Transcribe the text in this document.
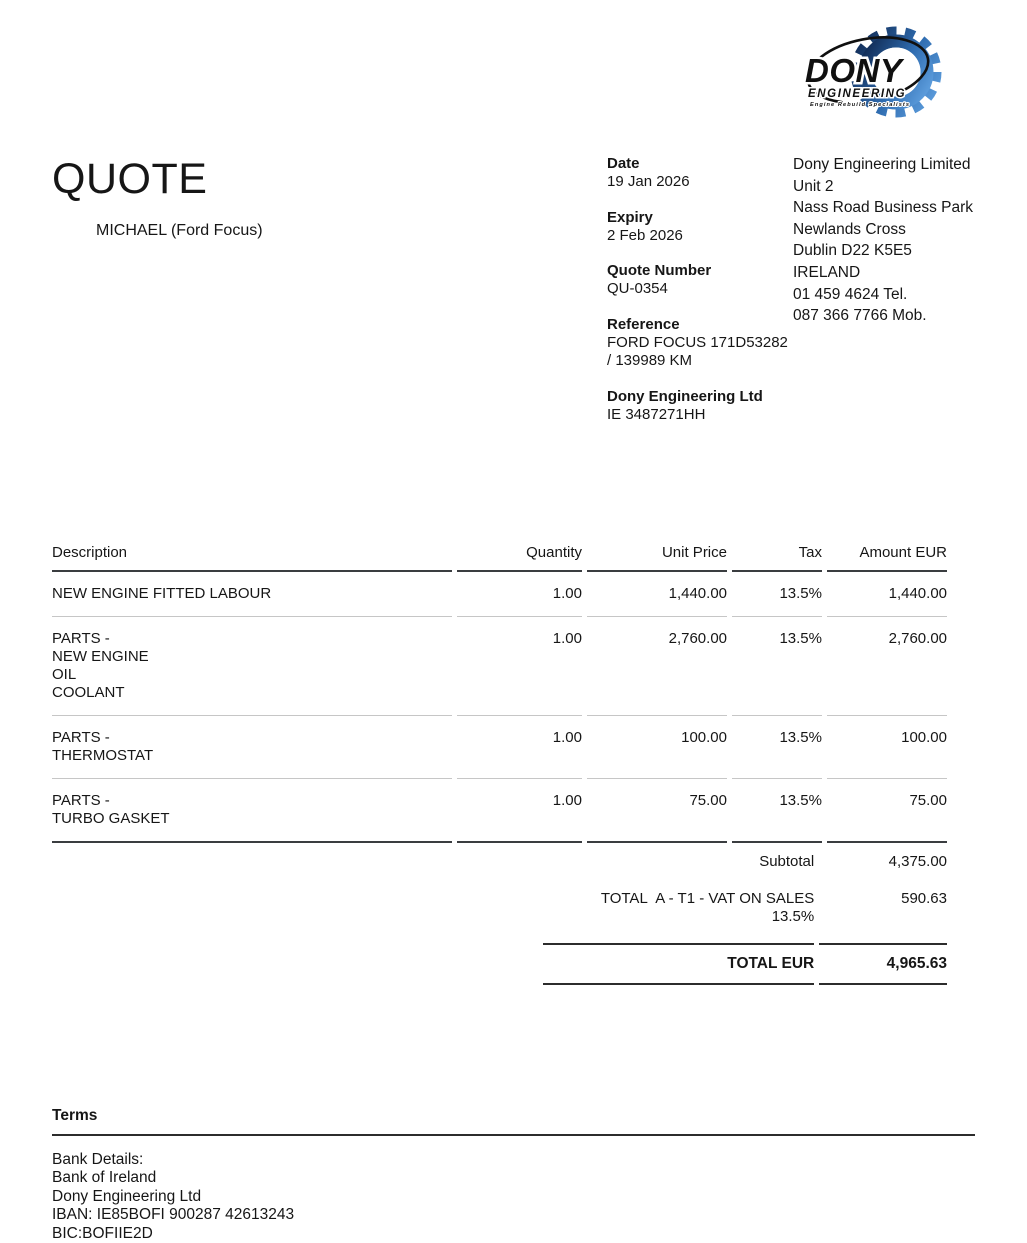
DONY
ENGINEERING
Engine Rebuild Specialists
QUOTE
MICHAEL (Ford Focus)
Date
19 Jan 2026
Expiry
2 Feb 2026
Quote Number
QU-0354
Reference
FORD FOCUS 171D53282
/ 139989 KM
Dony Engineering Ltd
IE 3487271HH
Dony Engineering Limited
Unit 2
Nass Road Business Park
Newlands Cross
Dublin D22 K5E5
IRELAND
01 459 4624 Tel.
087 366 7766 Mob.
Description	Quantity	Unit Price	Tax	Amount EUR
NEW ENGINE FITTED LABOUR	1.00	1,440.00	13.5%	1,440.00
PARTS -
NEW ENGINE
OIL
COOLANT	1.00	2,760.00	13.5%	2,760.00
PARTS -
THERMOSTAT	1.00	100.00	13.5%	100.00
PARTS -
TURBO GASKET	1.00	75.00	13.5%	75.00
Subtotal	4,375.00
TOTAL  A - T1 - VAT ON SALES
13.5%	590.63
TOTAL EUR	4,965.63
Terms
Bank Details:
Bank of Ireland
Dony Engineering Ltd
IBAN: IE85BOFI 900287 42613243
BIC:BOFIIE2D
